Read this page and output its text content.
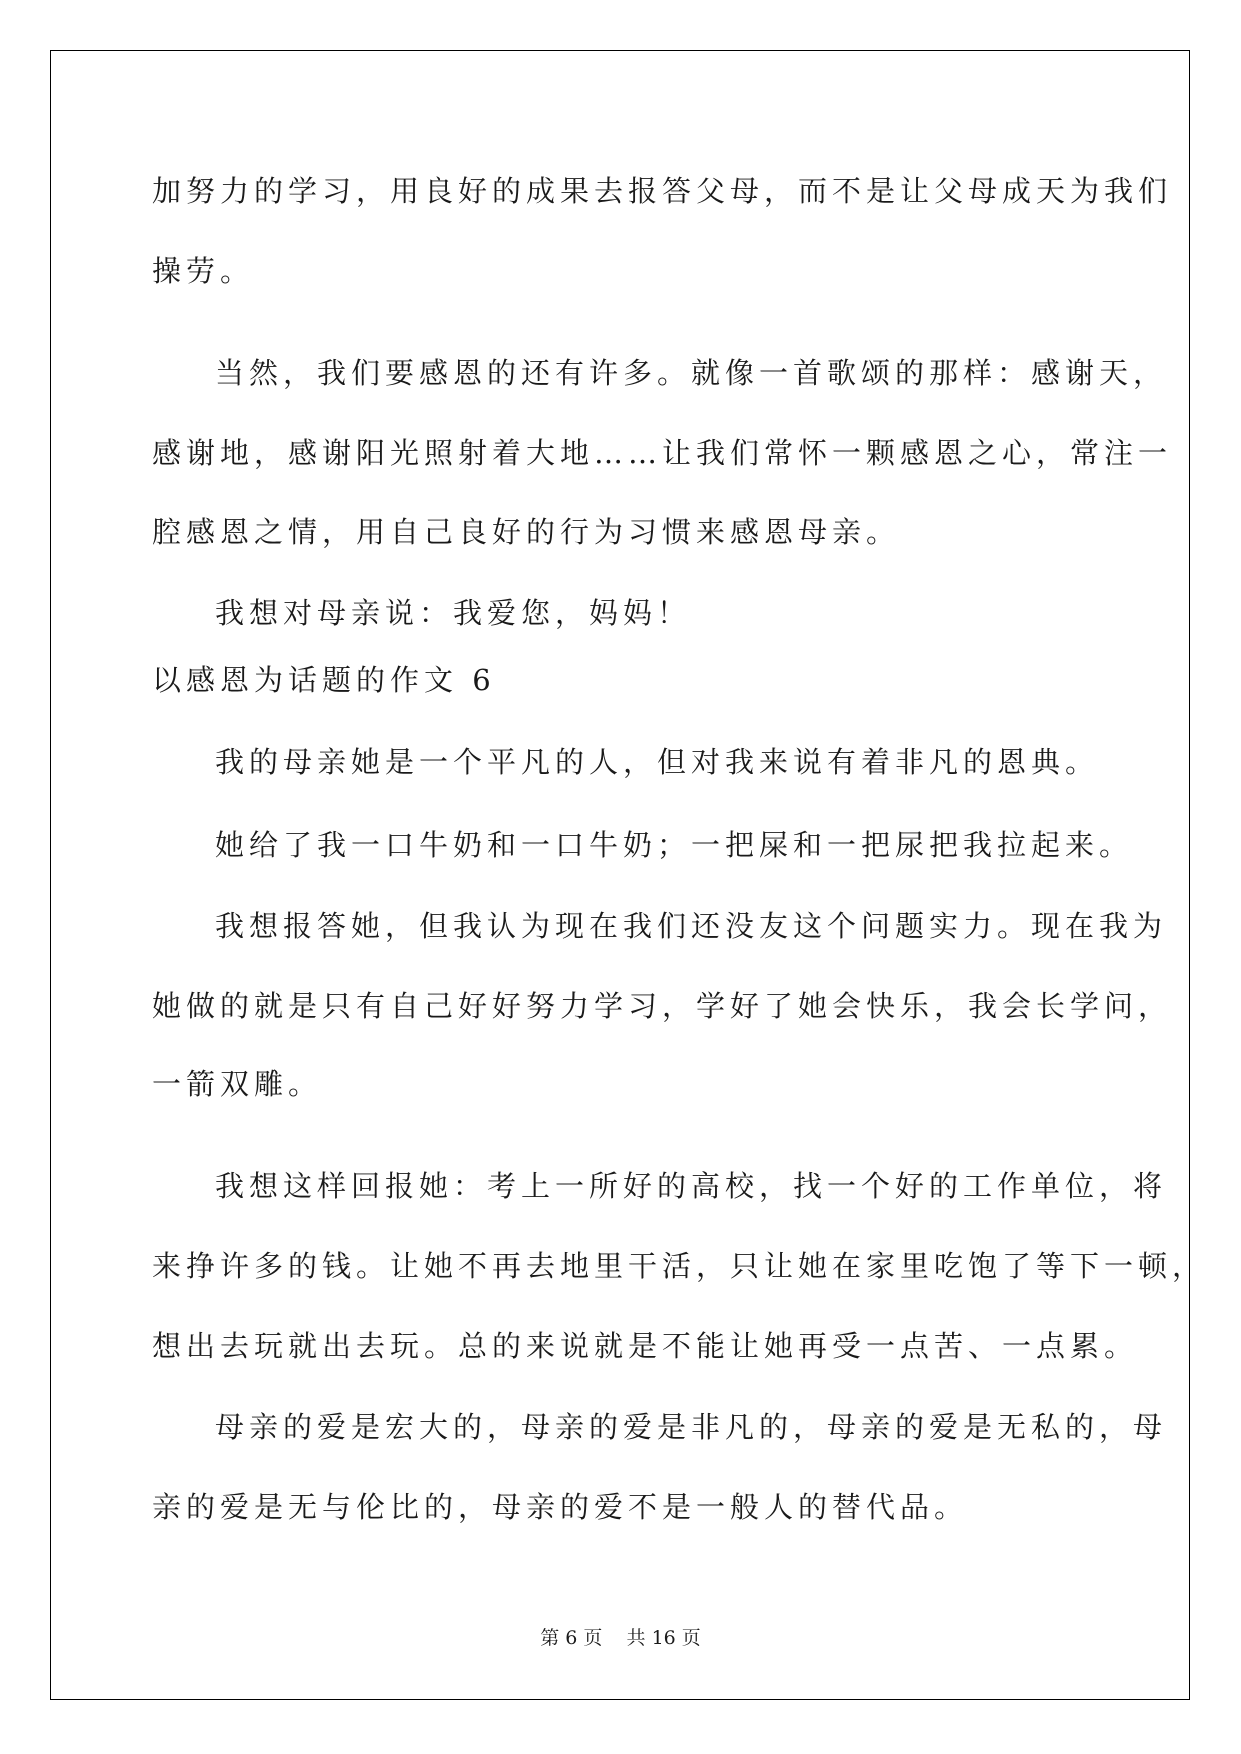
加努力的学习，用良好的成果去报答父母，而不是让父母成天为我们
操劳。
当然，我们要感恩的还有许多。就像一首歌颂的那样：感谢天，
感谢地，感谢阳光照射着大地……让我们常怀一颗感恩之心，常注一
腔感恩之情，用自己良好的行为习惯来感恩母亲。
我想对母亲说：我爱您，妈妈！
以感恩为话题的作文 6
我的母亲她是一个平凡的人，但对我来说有着非凡的恩典。
她给了我一口牛奶和一口牛奶；一把屎和一把尿把我拉起来。
我想报答她，但我认为现在我们还没友这个问题实力。现在我为
她做的就是只有自己好好努力学习，学好了她会快乐，我会长学问，
一箭双雕。
我想这样回报她：考上一所好的高校，找一个好的工作单位，将
来挣许多的钱。让她不再去地里干活，只让她在家里吃饱了等下一顿，
想出去玩就出去玩。总的来说就是不能让她再受一点苦、一点累。
母亲的爱是宏大的，母亲的爱是非凡的，母亲的爱是无私的，母
亲的爱是无与伦比的，母亲的爱不是一般人的替代品。
第 6 页    共 16 页
